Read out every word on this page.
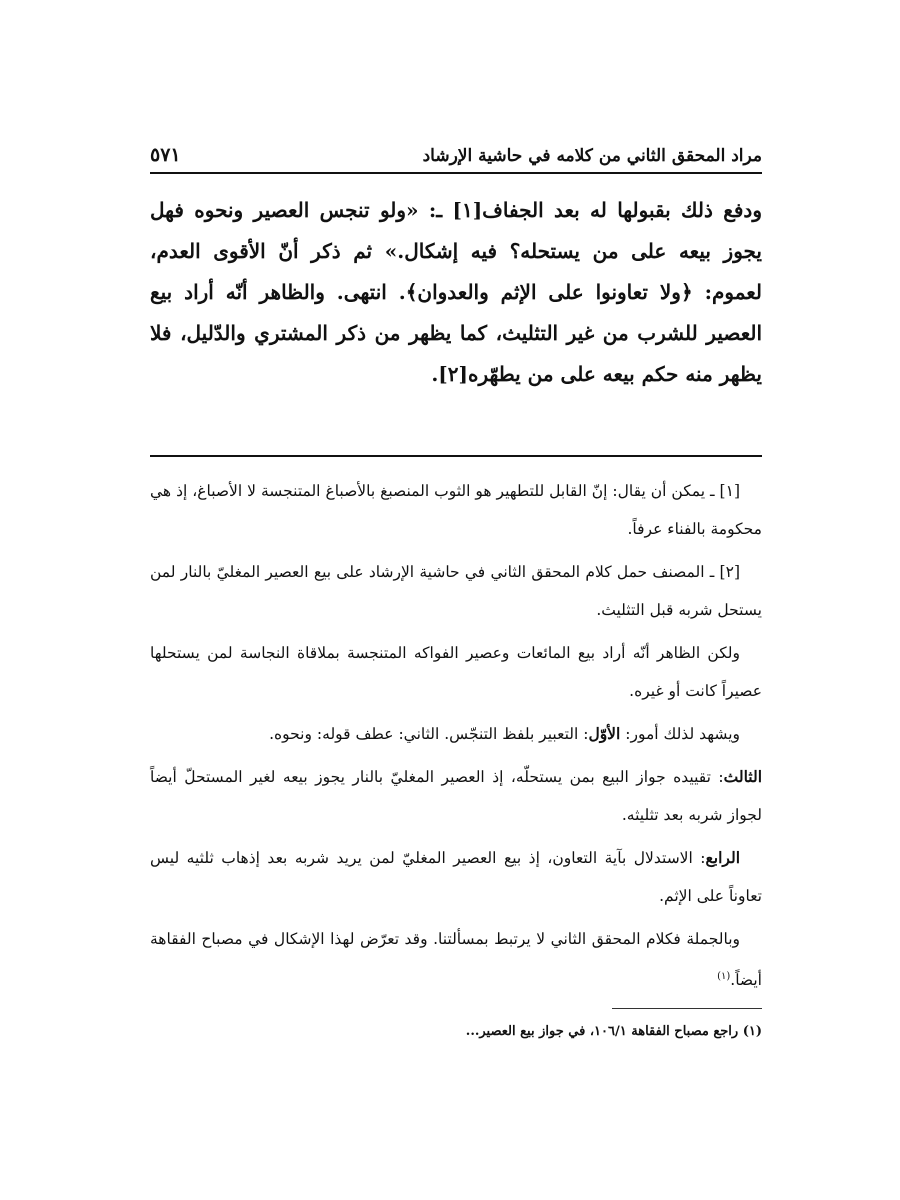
مراد المحقق الثاني من كلامه في حاشية الإرشاد
٥٧١

ودفع ذلك بقبولها له بعد الجفاف[١] ـ: «ولو تنجس العصير ونحوه فهل يجوز بيعه على من يستحله؟ فيه إشكال.» ثم ذكر أنّ الأقوى العدم، لعموم: ﴿ولا تعاونوا على الإثم والعدوان﴾. انتهى. والظاهر أنّه أراد بيع العصير للشرب من غير التثليث، كما يظهر من ذكر المشتري والدّليل، فلا يظهر منه حكم بيعه على من يطهّره[٢].

[١] ـ يمكن أن يقال: إنّ القابل للتطهير هو الثوب المنصبغ بالأصباغ المتنجسة لا الأصباغ، إذ هي محكومة بالفناء عرفاً.

[٢] ـ المصنف حمل كلام المحقق الثاني في حاشية الإرشاد على بيع العصير المغليّ بالنار لمن يستحل شربه قبل التثليث.

ولكن الظاهر أنّه أراد بيع المائعات وعصير الفواكه المتنجسة بملاقاة النجاسة لمن يستحلها عصيراً كانت أو غيره.

ويشهد لذلك أمور: الأوّل: التعبير بلفظ التنجّس. الثاني: عطف قوله: ونحوه.

الثالث: تقييده جواز البيع بمن يستحلّه، إذ العصير المغليّ بالنار يجوز بيعه لغير المستحلّ أيضاً لجواز شربه بعد تثليثه.

الرابع: الاستدلال بآية التعاون، إذ بيع العصير المغليّ لمن يريد شربه بعد إذهاب ثلثيه ليس تعاوناً على الإثم.

وبالجملة فكلام المحقق الثاني لا يرتبط بمسألتنا. وقد تعرّض لهذا الإشكال في مصباح الفقاهة أيضاً.$^{(١)}$

(١) راجع مصباح الفقاهة ١٠٦/١، في جواز بيع العصير...
